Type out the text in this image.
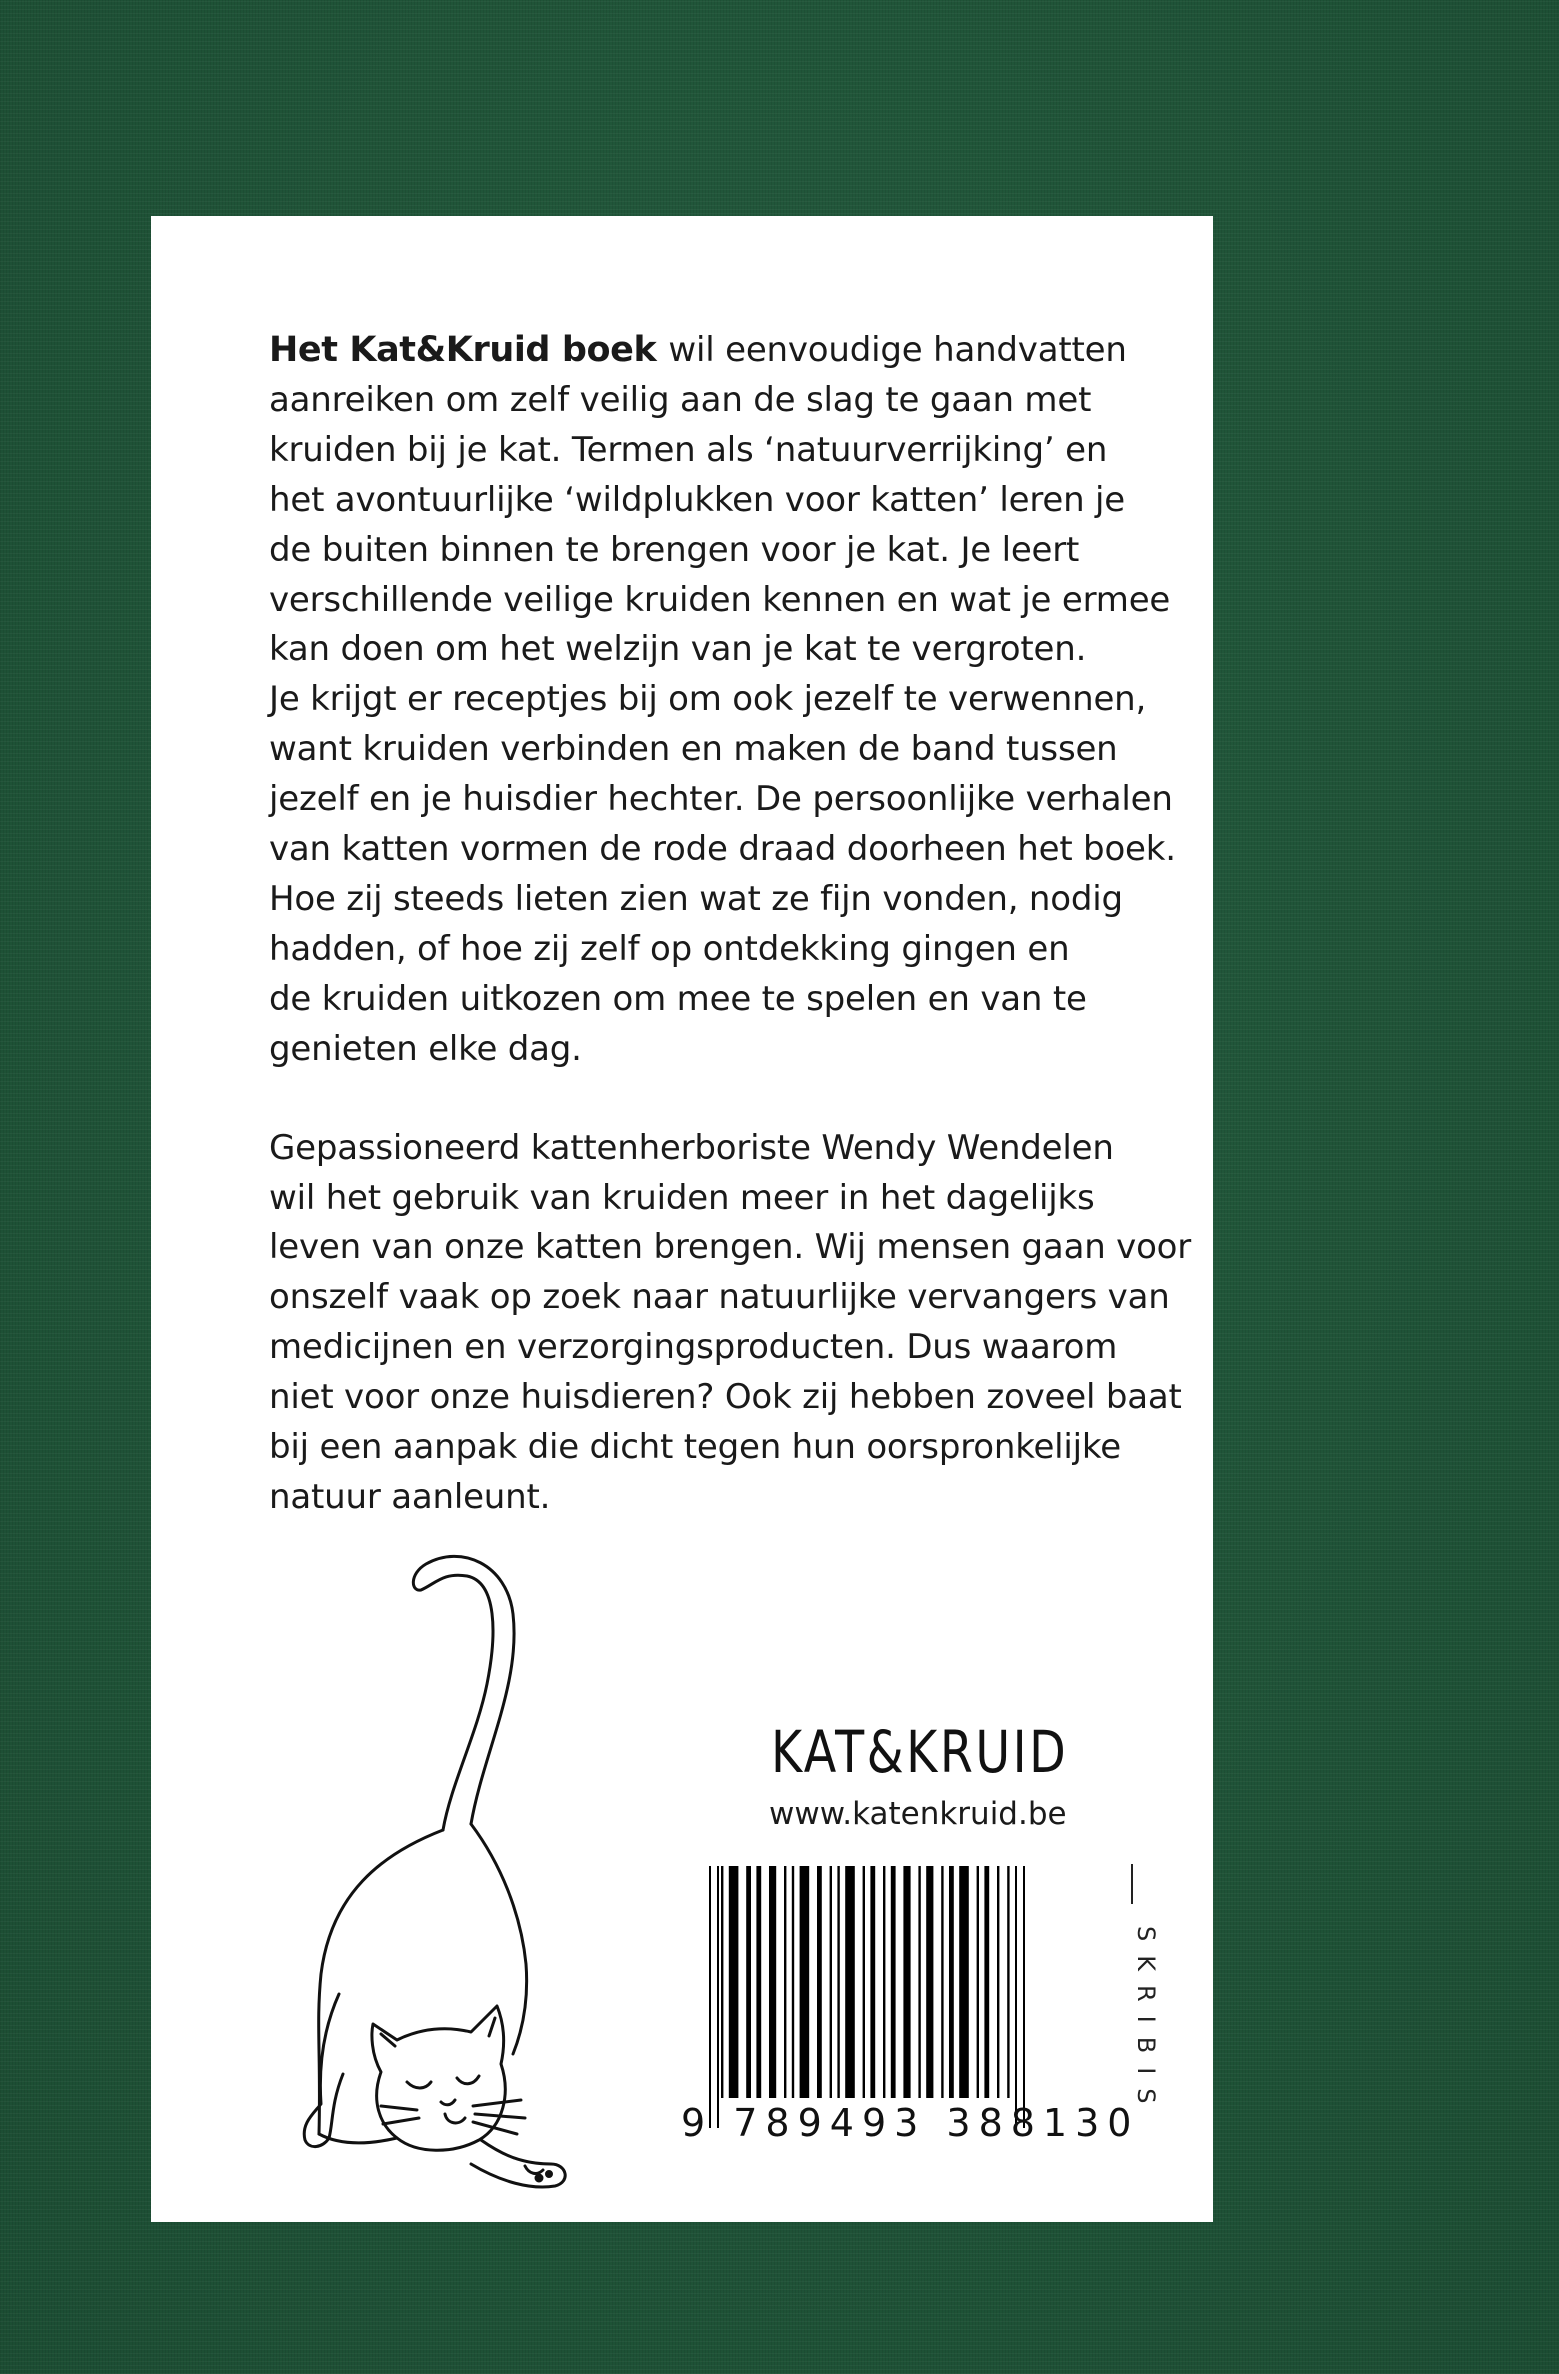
Het Kat&Kruid boek wil eenvoudige handvatten
aanreiken om zelf veilig aan de slag te gaan met
kruiden bij je kat. Termen als ‘natuurverrijking’ en
het avontuurlijke ‘wildplukken voor katten’ leren je
de buiten binnen te brengen voor je kat. Je leert
verschillende veilige kruiden kennen en wat je ermee
kan doen om het welzijn van je kat te vergroten.
Je krijgt er receptjes bij om ook jezelf te verwennen,
want kruiden verbinden en maken de band tussen
jezelf en je huisdier hechter. De persoonlijke verhalen
van katten vormen de rode draad doorheen het boek.
Hoe zij steeds lieten zien wat ze fijn vonden, nodig
hadden, of hoe zij zelf op ontdekking gingen en
de kruiden uitkozen om mee te spelen en van te
genieten elke dag.

Gepassioneerd kattenherboriste Wendy Wendelen
wil het gebruik van kruiden meer in het dagelijks
leven van onze katten brengen. Wij mensen gaan voor
onszelf vaak op zoek naar natuurlijke vervangers van
medicijnen en verzorgingsproducten. Dus waarom
niet voor onze huisdieren? Ook zij hebben zoveel baat
bij een aanpak die dicht tegen hun oorspronkelijke
natuur aanleunt.

KAT&KRUID
www.katenkruid.be
9 789493 388130
SKRIBIS
